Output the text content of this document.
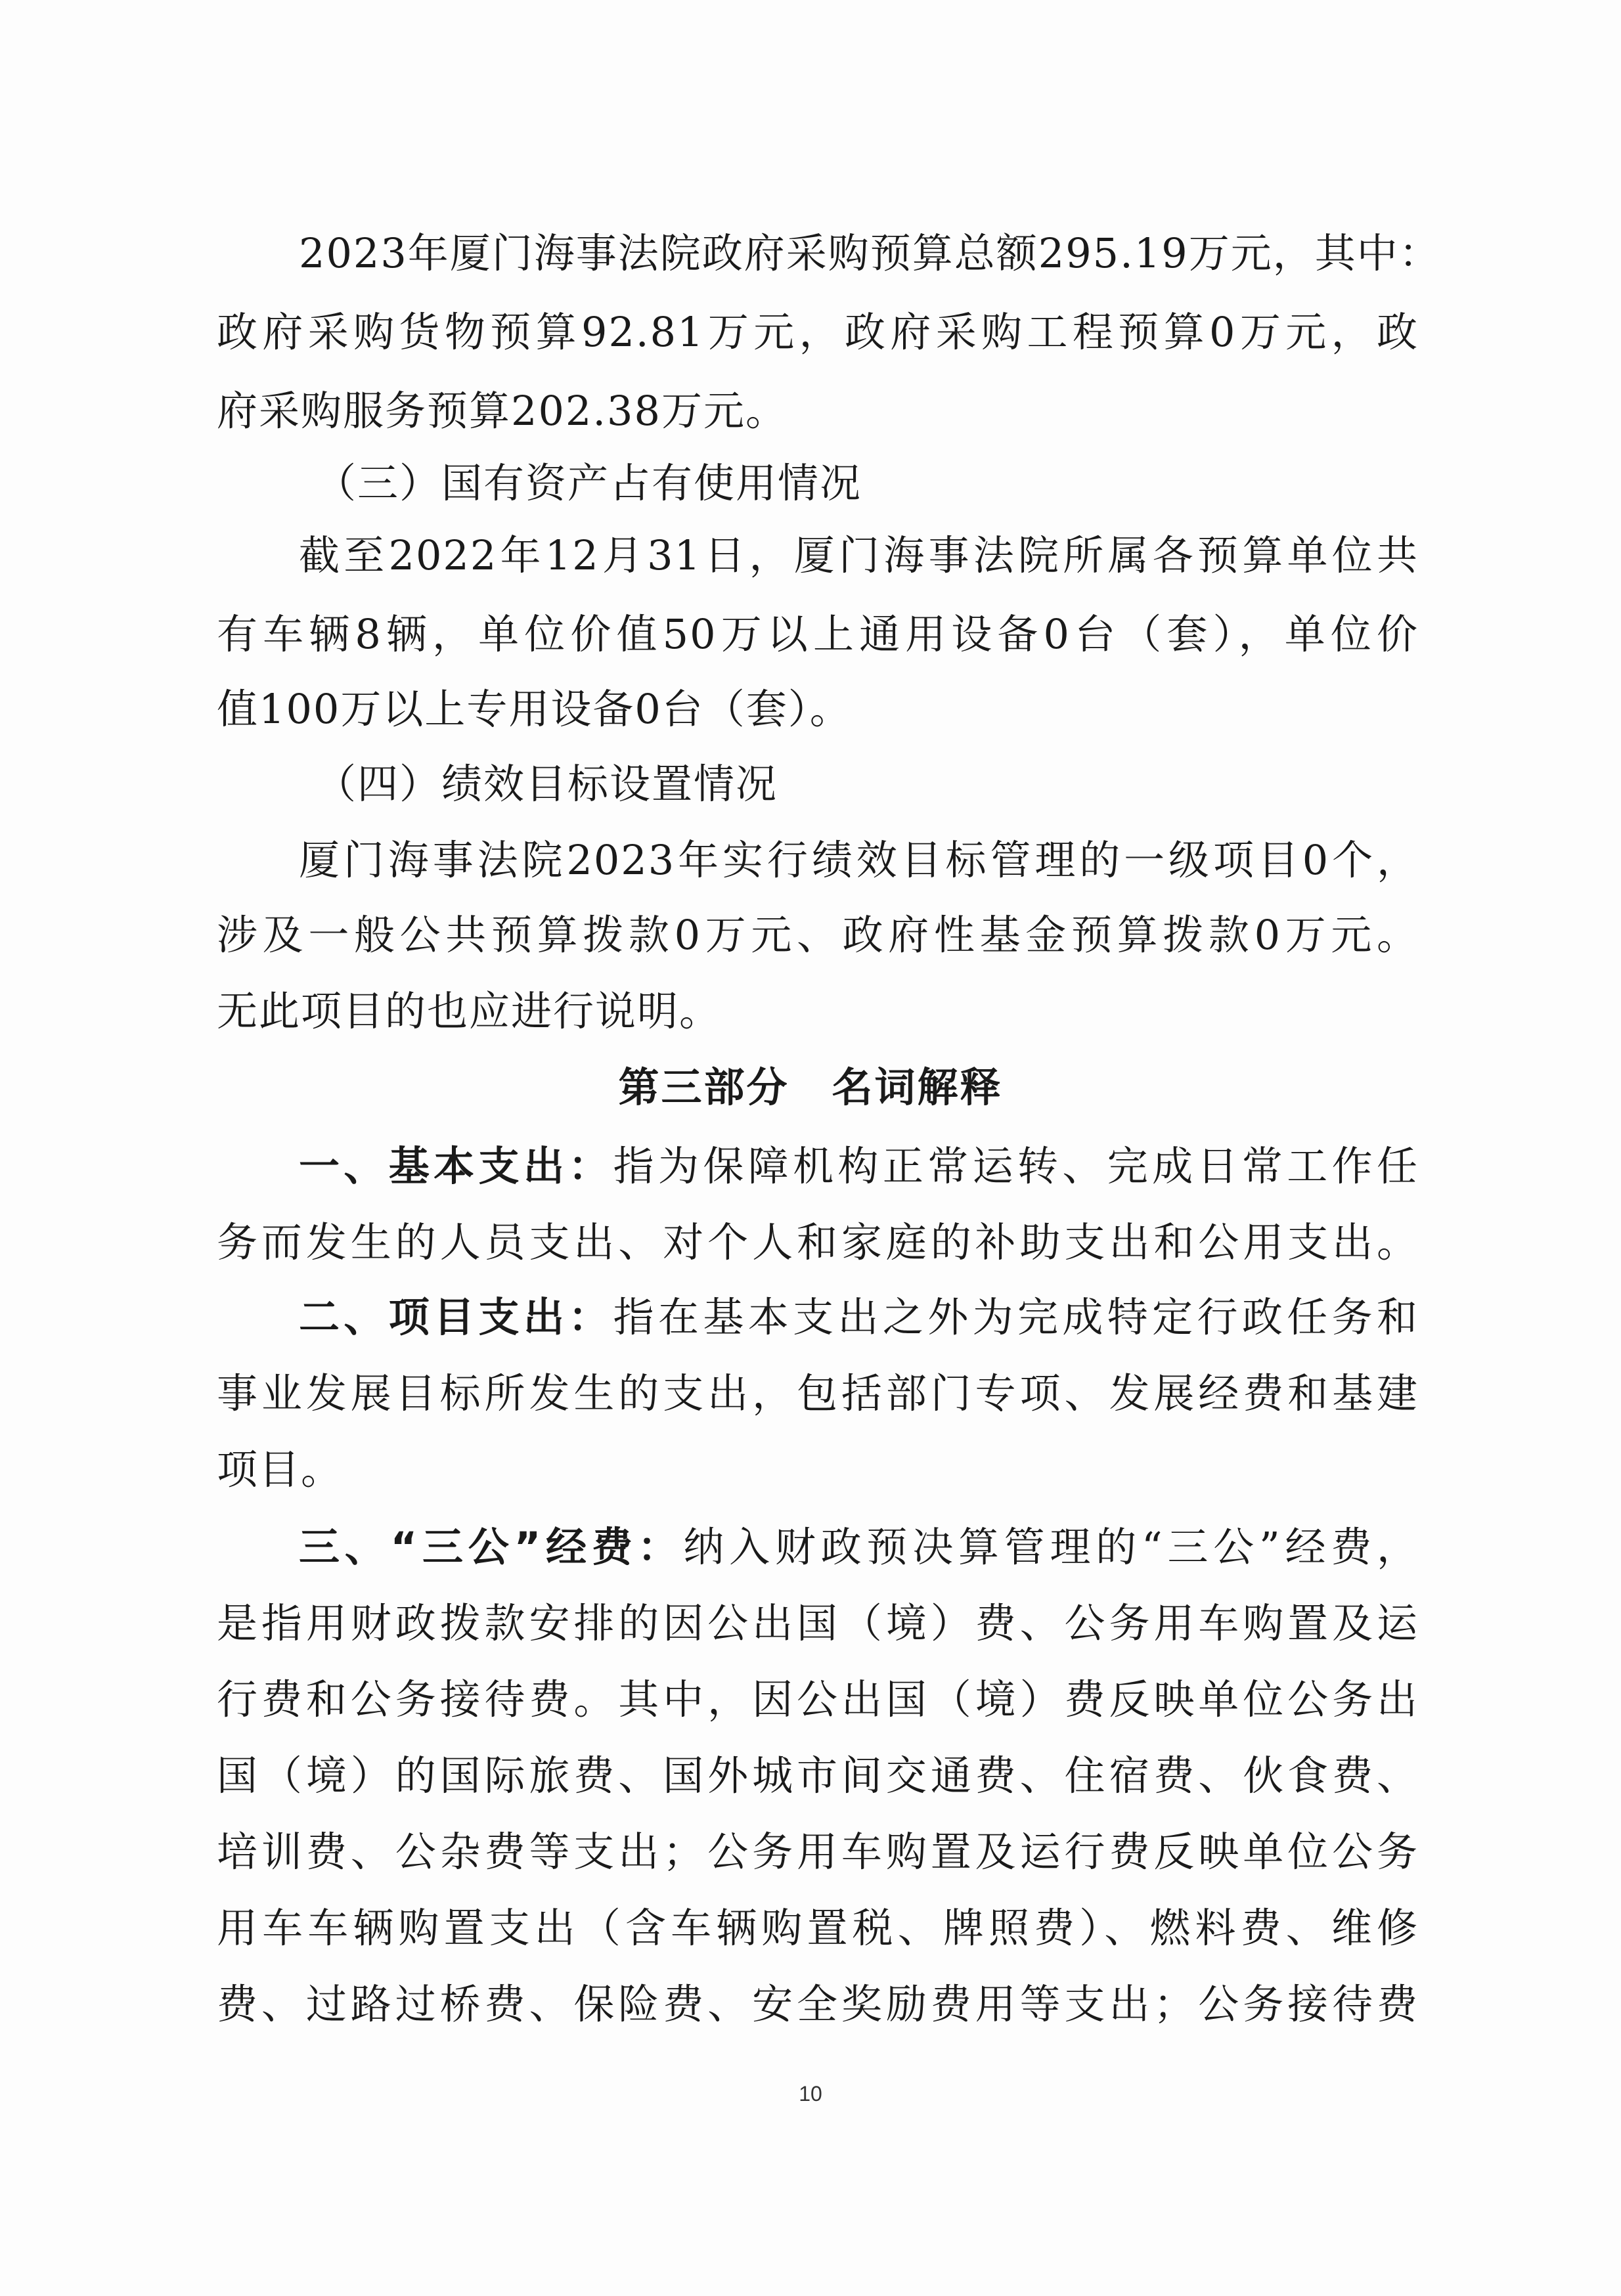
2023年厦门海事法院政府采购预算总额295.19万元，其中：
政府采购货物预算92.81万元，政府采购工程预算0万元，政
府采购服务预算202.38万元。
（三）国有资产占有使用情况
截至2022年12月31日，厦门海事法院所属各预算单位共
有车辆8辆，单位价值50万以上通用设备0台（套），单位价
值100万以上专用设备0台（套）。
（四）绩效目标设置情况
厦门海事法院2023年实行绩效目标管理的一级项目0个，
涉及一般公共预算拨款0万元、政府性基金预算拨款0万元。
无此项目的也应进行说明。
第三部分　名词解释
一、基本支出：指为保障机构正常运转、完成日常工作任
务而发生的人员支出、对个人和家庭的补助支出和公用支出。
二、项目支出：指在基本支出之外为完成特定行政任务和
事业发展目标所发生的支出，包括部门专项、发展经费和基建
项目。
三、“三公”经费：纳入财政预决算管理的“三公”经费，
是指用财政拨款安排的因公出国（境）费、公务用车购置及运
行费和公务接待费。其中，因公出国（境）费反映单位公务出
国（境）的国际旅费、国外城市间交通费、住宿费、伙食费、
培训费、公杂费等支出；公务用车购置及运行费反映单位公务
用车车辆购置支出（含车辆购置税、牌照费）、燃料费、维修
费、过路过桥费、保险费、安全奖励费用等支出；公务接待费
10
